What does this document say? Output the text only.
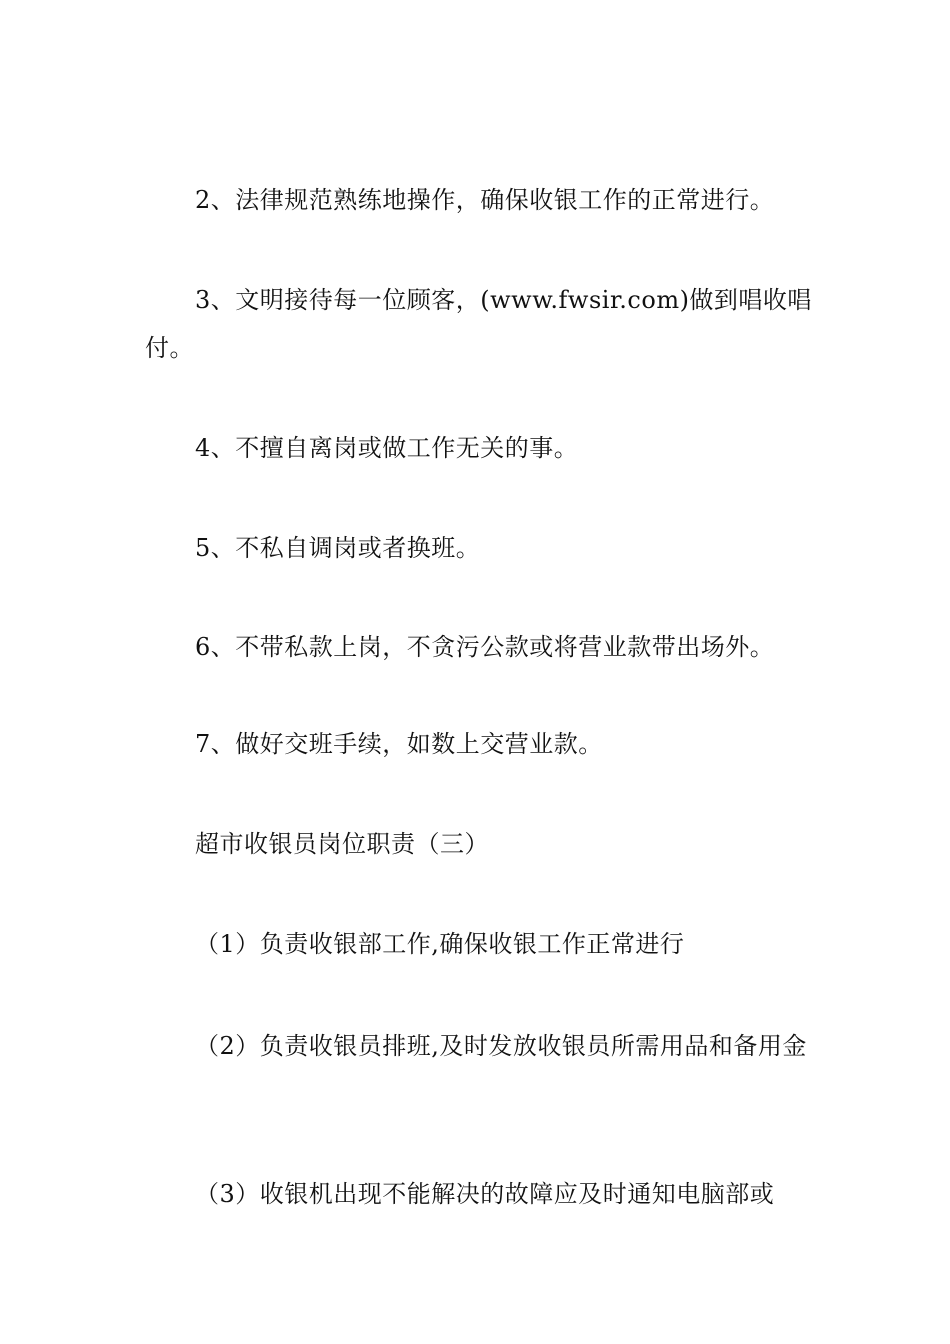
2、法律规范熟练地操作，确保收银工作的正常进行。
3、文明接待每一位顾客，(www.fwsir.com)做到唱收唱付。
4、不擅自离岗或做工作无关的事。
5、不私自调岗或者换班。
6、不带私款上岗，不贪污公款或将营业款带出场外。
7、做好交班手续，如数上交营业款。
超市收银员岗位职责（三）
（1）负责收银部工作,确保收银工作正常进行
（2）负责收银员排班,及时发放收银员所需用品和备用金
（3）收银机出现不能解决的故障应及时通知电脑部或
